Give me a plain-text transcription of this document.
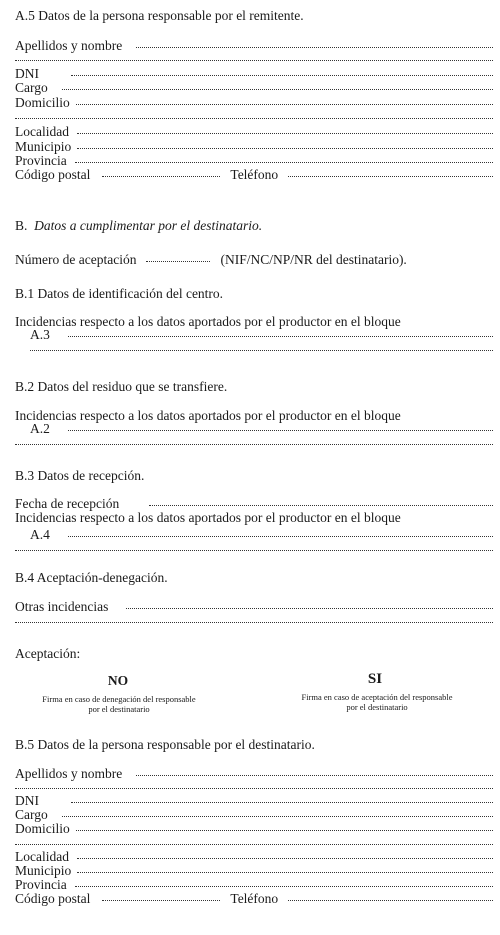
A.5 Datos de la persona responsable por el remitente.
Apellidos y nombre
DNI
Cargo
Domicilio
Localidad
Municipio
Provincia
Código postal	Teléfono
B. Datos a cumplimentar por el destinatario.
Número de aceptación	(NIF/NC/NP/NR del destinatario).
B.1 Datos de identificación del centro.
Incidencias respecto a los datos aportados por el productor en el bloque
A.3
B.2 Datos del residuo que se transfiere.
Incidencias respecto a los datos aportados por el productor en el bloque
A.2
B.3 Datos de recepción.
Fecha de recepción
Incidencias respecto a los datos aportados por el productor en el bloque
A.4
B.4 Aceptación-denegación.
Otras incidencias
Aceptación:
NO	SI
Firma en caso de denegación del responsable
por el destinatario
Firma en caso de aceptación del responsable
por el destinatario
B.5 Datos de la persona responsable por el destinatario.
Apellidos y nombre
DNI
Cargo
Domicilio
Localidad
Municipio
Provincia
Código postal	Teléfono
